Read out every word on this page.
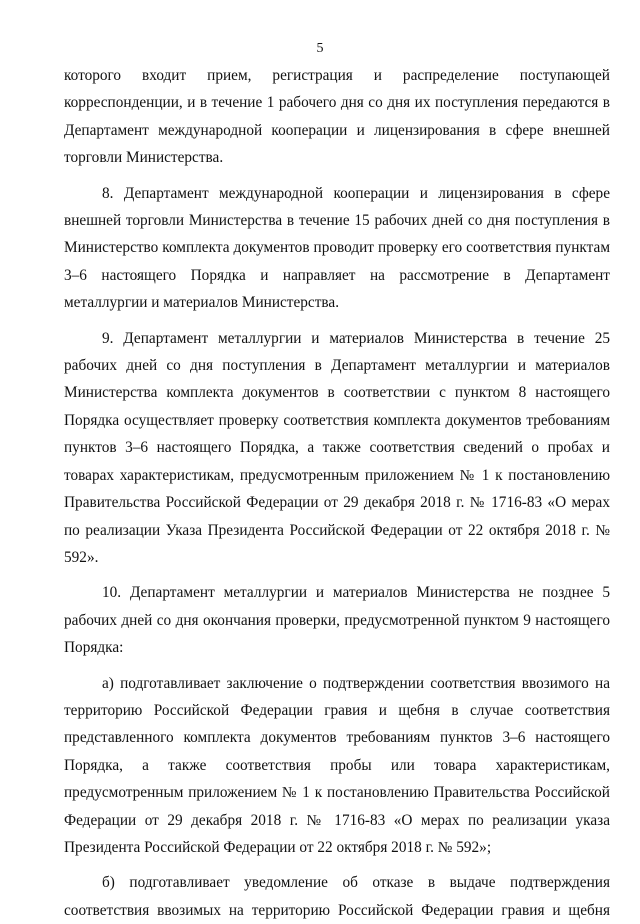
5

которого входит прием, регистрация и распределение поступающей корреспонденции, и в течение 1 рабочего дня со дня их поступления передаются в Департамент международной кооперации и лицензирования в сфере внешней торговли Министерства.

8. Департамент международной кооперации и лицензирования в сфере внешней торговли Министерства в течение 15 рабочих дней со дня поступления в Министерство комплекта документов проводит проверку его соответствия пунктам 3–6 настоящего Порядка и направляет на рассмотрение в Департамент металлургии и материалов Министерства.

9. Департамент металлургии и материалов Министерства в течение 25 рабочих дней со дня поступления в Департамент металлургии и материалов Министерства комплекта документов в соответствии с пунктом 8 настоящего Порядка осуществляет проверку соответствия комплекта документов требованиям пунктов 3–6 настоящего Порядка, а также соответствия сведений о пробах и товарах характеристикам, предусмотренным приложением № 1 к постановлению Правительства Российской Федерации от 29 декабря 2018 г. № 1716-83 «О мерах по реализации Указа Президента Российской Федерации от 22 октября 2018 г. № 592».

10. Департамент металлургии и материалов Министерства не позднее 5 рабочих дней со дня окончания проверки, предусмотренной пунктом 9 настоящего Порядка:

а) подготавливает заключение о подтверждении соответствия ввозимого на территорию Российской Федерации гравия и щебня в случае соответствия представленного комплекта документов требованиям пунктов 3–6 настоящего Порядка, а также соответствия пробы или товара характеристикам, предусмотренным приложением № 1 к постановлению Правительства Российской Федерации от 29 декабря 2018 г. № 1716-83 «О мерах по реализации указа Президента Российской Федерации от 22 октября 2018 г. № 592»;

б) подготавливает уведомление об отказе в выдаче подтверждения соответствия ввозимых на территорию Российской Федерации гравия и щебня
